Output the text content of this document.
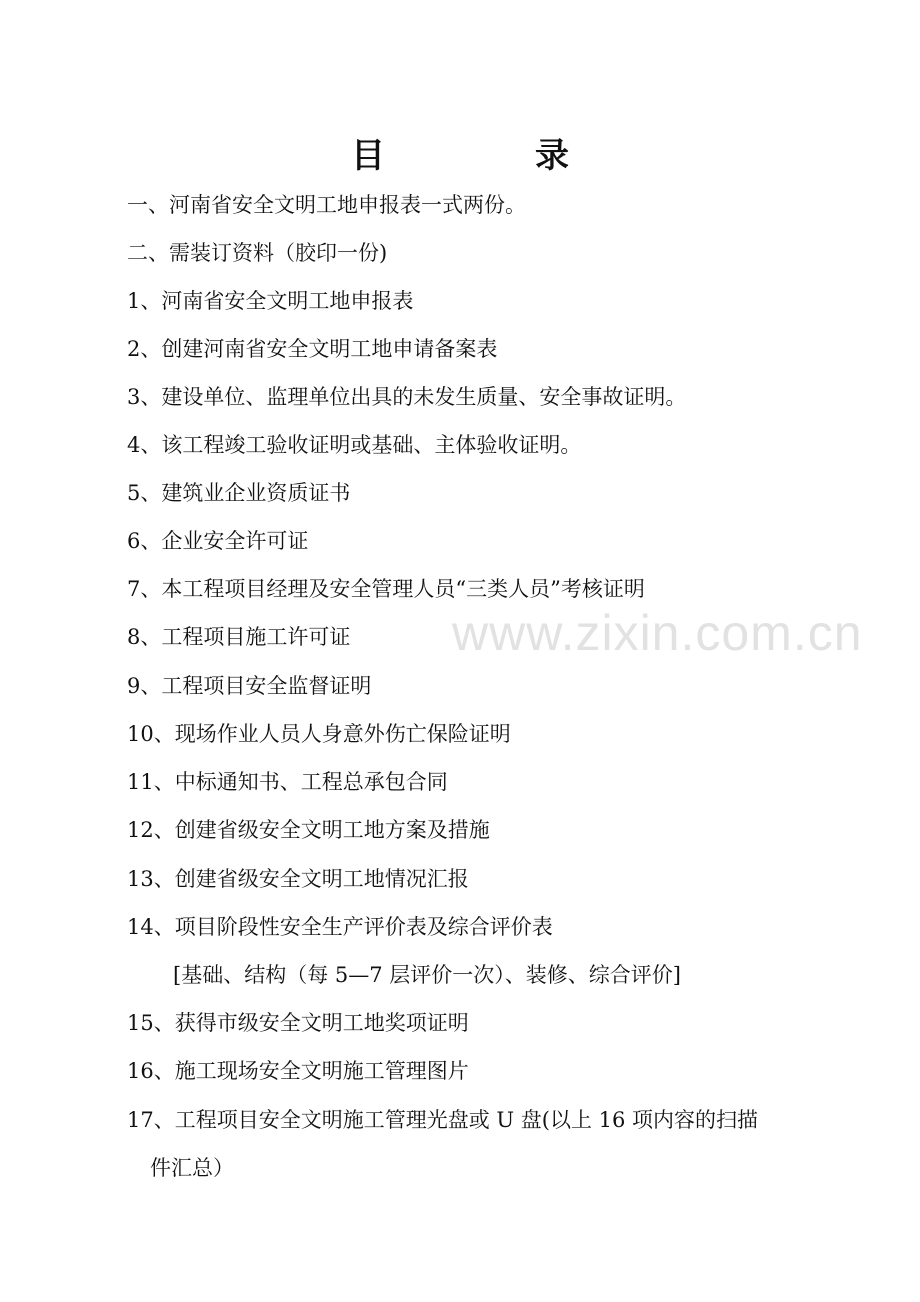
目　录
一、河南省安全文明工地申报表一式两份。
二、需装订资料（胶印一份)
1、河南省安全文明工地申报表
2、创建河南省安全文明工地申请备案表
3、建设单位、监理单位出具的未发生质量、安全事故证明。
4、该工程竣工验收证明或基础、主体验收证明。
5、建筑业企业资质证书
6、企业安全许可证
7、本工程项目经理及安全管理人员“三类人员”考核证明
8、工程项目施工许可证
9、工程项目安全监督证明
10、现场作业人员人身意外伤亡保险证明
11、中标通知书、工程总承包合同
12、创建省级安全文明工地方案及措施
13、创建省级安全文明工地情况汇报
14、项目阶段性安全生产评价表及综合评价表
[基础、结构（每 5—7 层评价一次）、装修、综合评价]
15、获得市级安全文明工地奖项证明
16、施工现场安全文明施工管理图片
17、工程项目安全文明施工管理光盘或 U 盘(以上 16 项内容的扫描
件汇总）
www.zixin.com.cn
